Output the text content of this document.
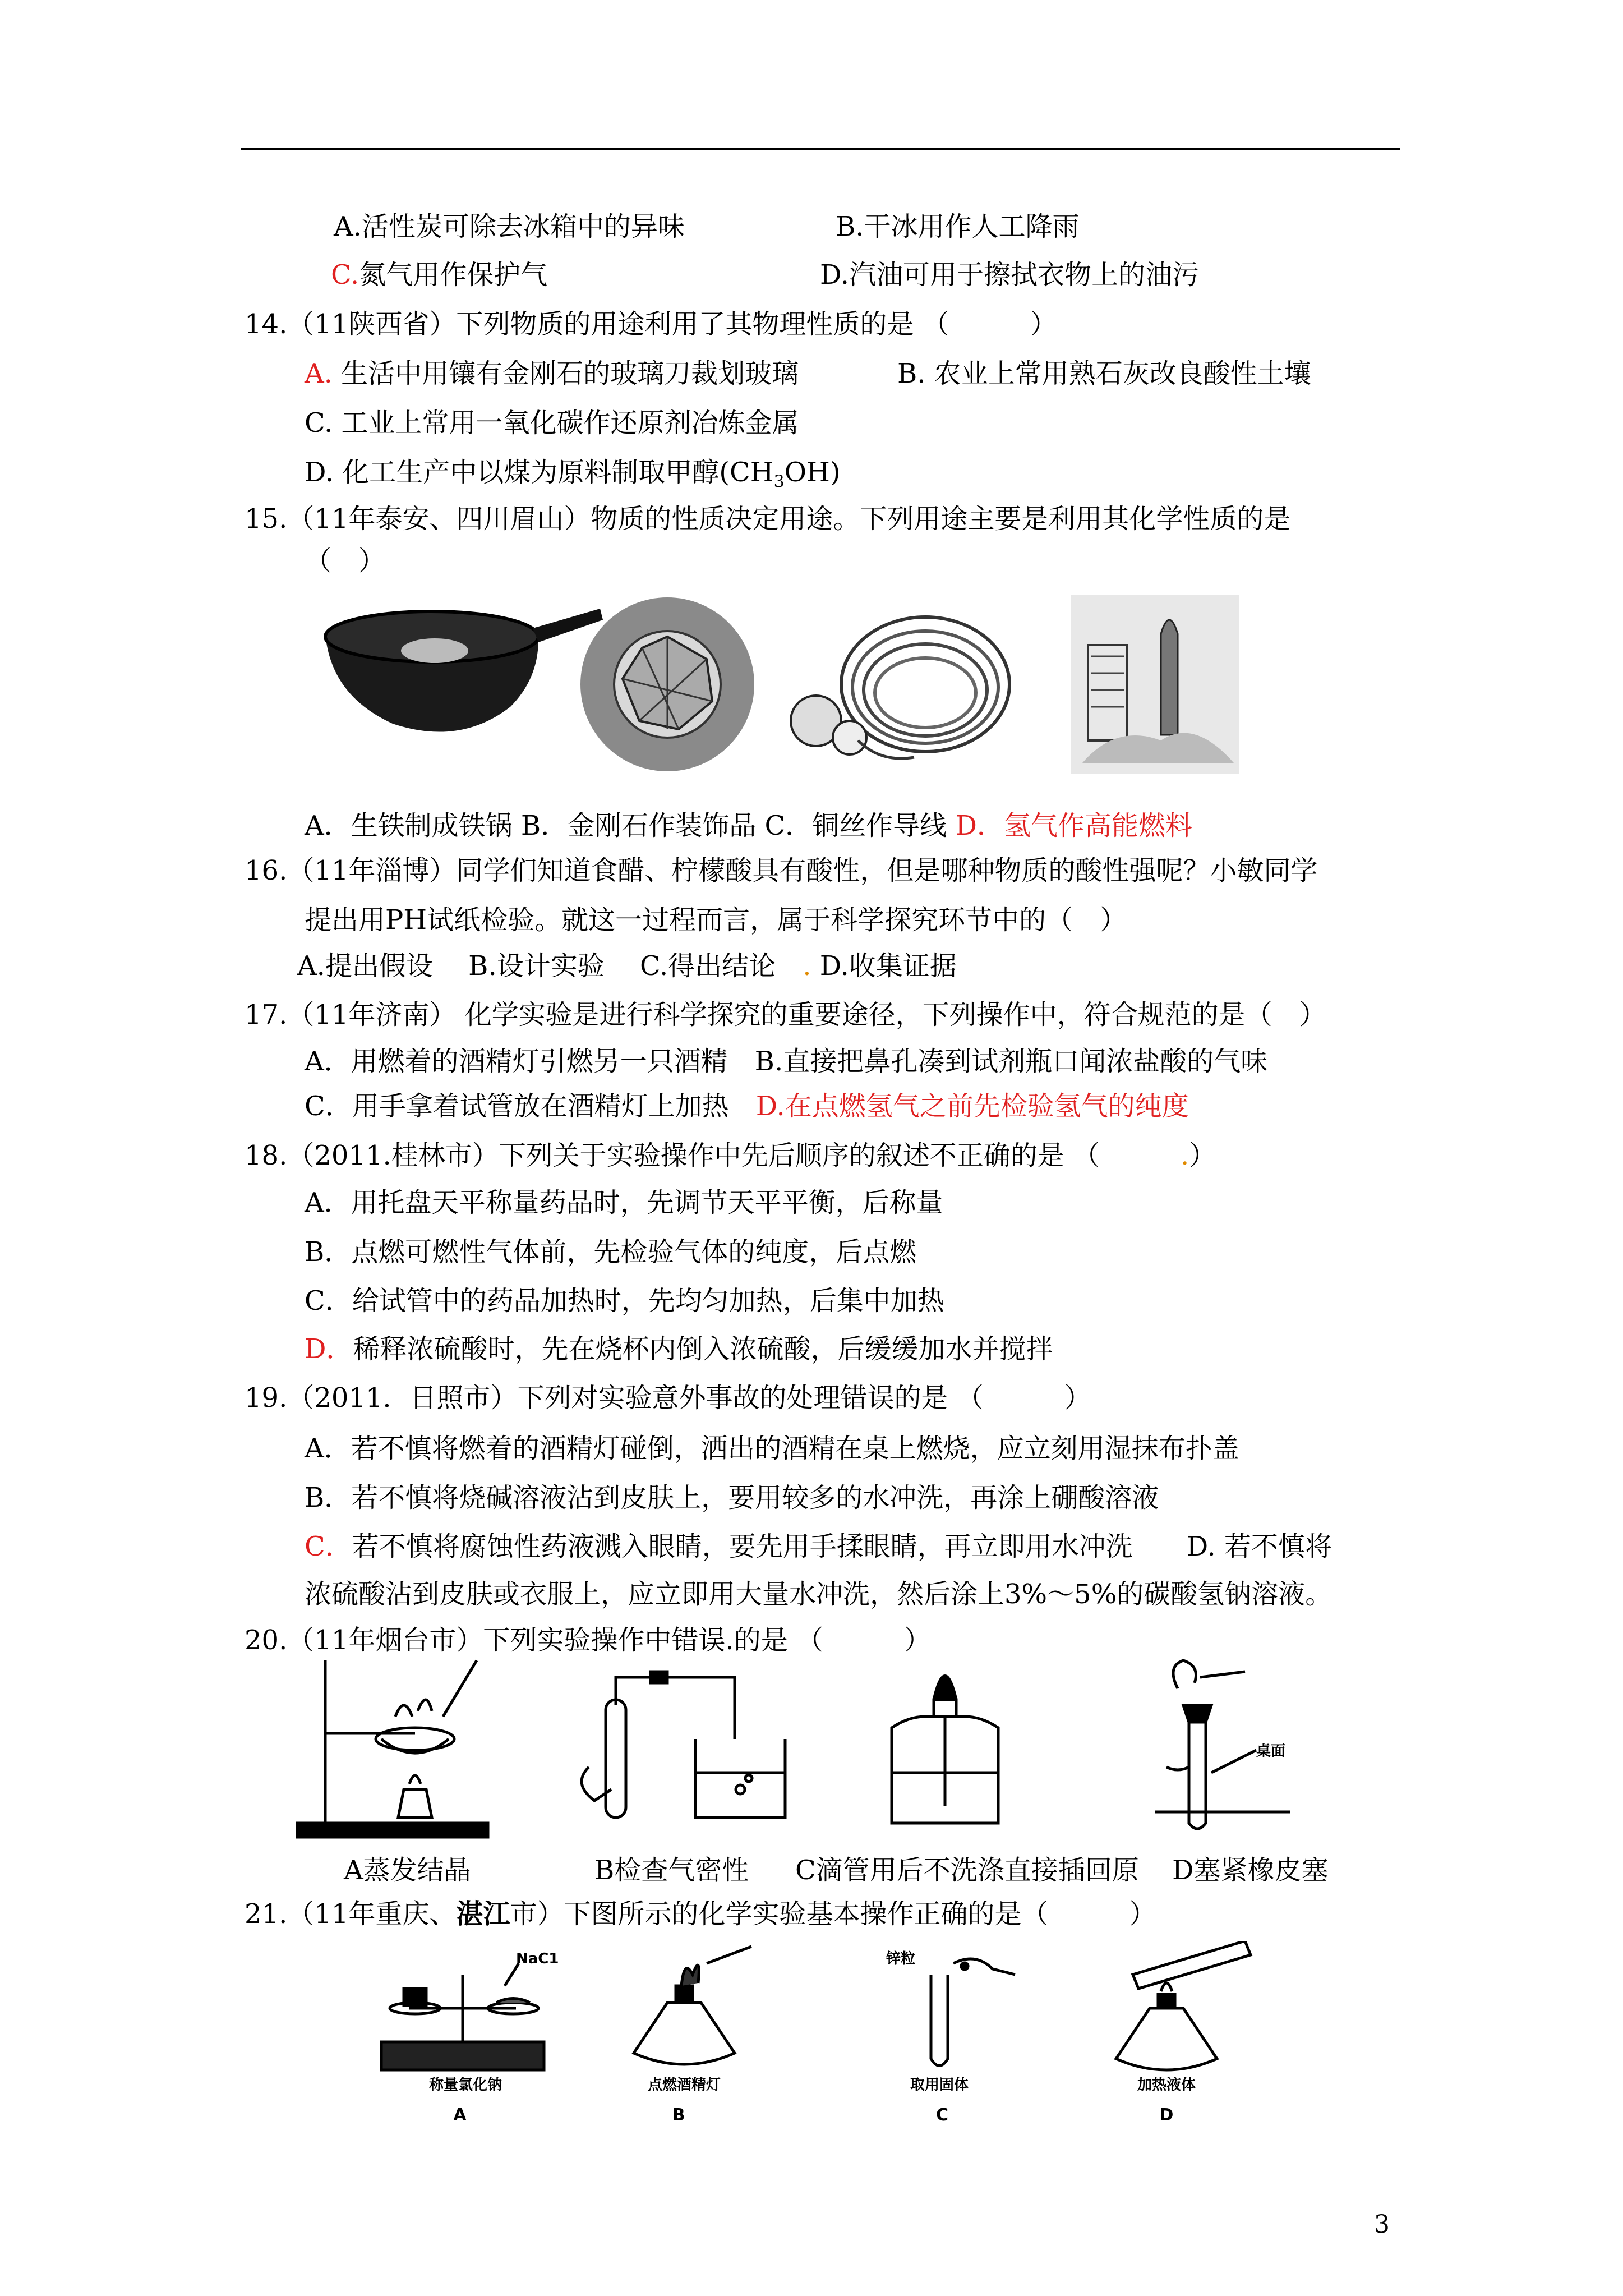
A.活性炭可除去冰箱中的异味	B.干冰用作人工降雨
C.氮气用作保护气	D.汽油可用于擦拭衣物上的油污
14.（11陕西省）下列物质的用途利用了其物理性质的是 （　　　）
A. 生活中用镶有金刚石的玻璃刀裁划玻璃	B. 农业上常用熟石灰改良酸性土壤
C. 工业上常用一氧化碳作还原剂冶炼金属
D. 化工生产中以煤为原料制取甲醇$(CH_3OH)$
15.（11年泰安、四川眉山）物质的性质决定用途。下列用途主要是利用其化学性质的是
（　）
A．生铁制成铁锅 B．金刚石作装饰品 C．铜丝作导线 D．氢气作高能燃料
16.（11年淄博）同学们知道食醋、柠檬酸具有酸性，但是哪种物质的酸性强呢？小敏同学
提出用PH试纸检验。就这一过程而言，属于科学探究环节中的（　）
A.提出假设　 B.设计实验　 C.得出结论　. D.收集证据
17.（11年济南） 化学实验是进行科学探究的重要途径，下列操作中，符合规范的是（　）
A．用燃着的酒精灯引燃另一只酒精　B.直接把鼻孔凑到试剂瓶口闻浓盐酸的气味
C．用手拿着试管放在酒精灯上加热　D.在点燃氢气之前先检验氢气的纯度
18.（2011.桂林市）下列关于实验操作中先后顺序的叙述不正确的是 （　　　.）
A．用托盘天平称量药品时，先调节天平平衡，后称量
B．点燃可燃性气体前，先检验气体的纯度，后点燃
C．给试管中的药品加热时，先均匀加热，后集中加热
D．稀释浓硫酸时，先在烧杯内倒入浓硫酸，后缓缓加水并搅拌
19.（2011．日照市）下列对实验意外事故的处理错误的是 （　　　）
A．若不慎将燃着的酒精灯碰倒，洒出的酒精在桌上燃烧，应立刻用湿抹布扑盖
B．若不慎将烧碱溶液沾到皮肤上，要用较多的水冲洗，再涂上硼酸溶液
C．若不慎将腐蚀性药液溅入眼睛，要先用手揉眼睛，再立即用水冲洗　　D. 若不慎将
浓硫酸沾到皮肤或衣服上，应立即用大量水冲洗，然后涂上3%～5%的碳酸氢钠溶液。
20.（11年烟台市）下列实验操作中错误.的是 （　　　）
桌面
A蒸发结晶	B检查气密性 C滴管用后不洗涤直接插回原 D塞紧橡皮塞
21.（11年重庆、湛江市）下图所示的化学实验基本操作正确的是（　　　）
NaC1
称量氯化钠	点燃酒精灯
锌粒
取用固体	加热液体
A	B	C	D
3
